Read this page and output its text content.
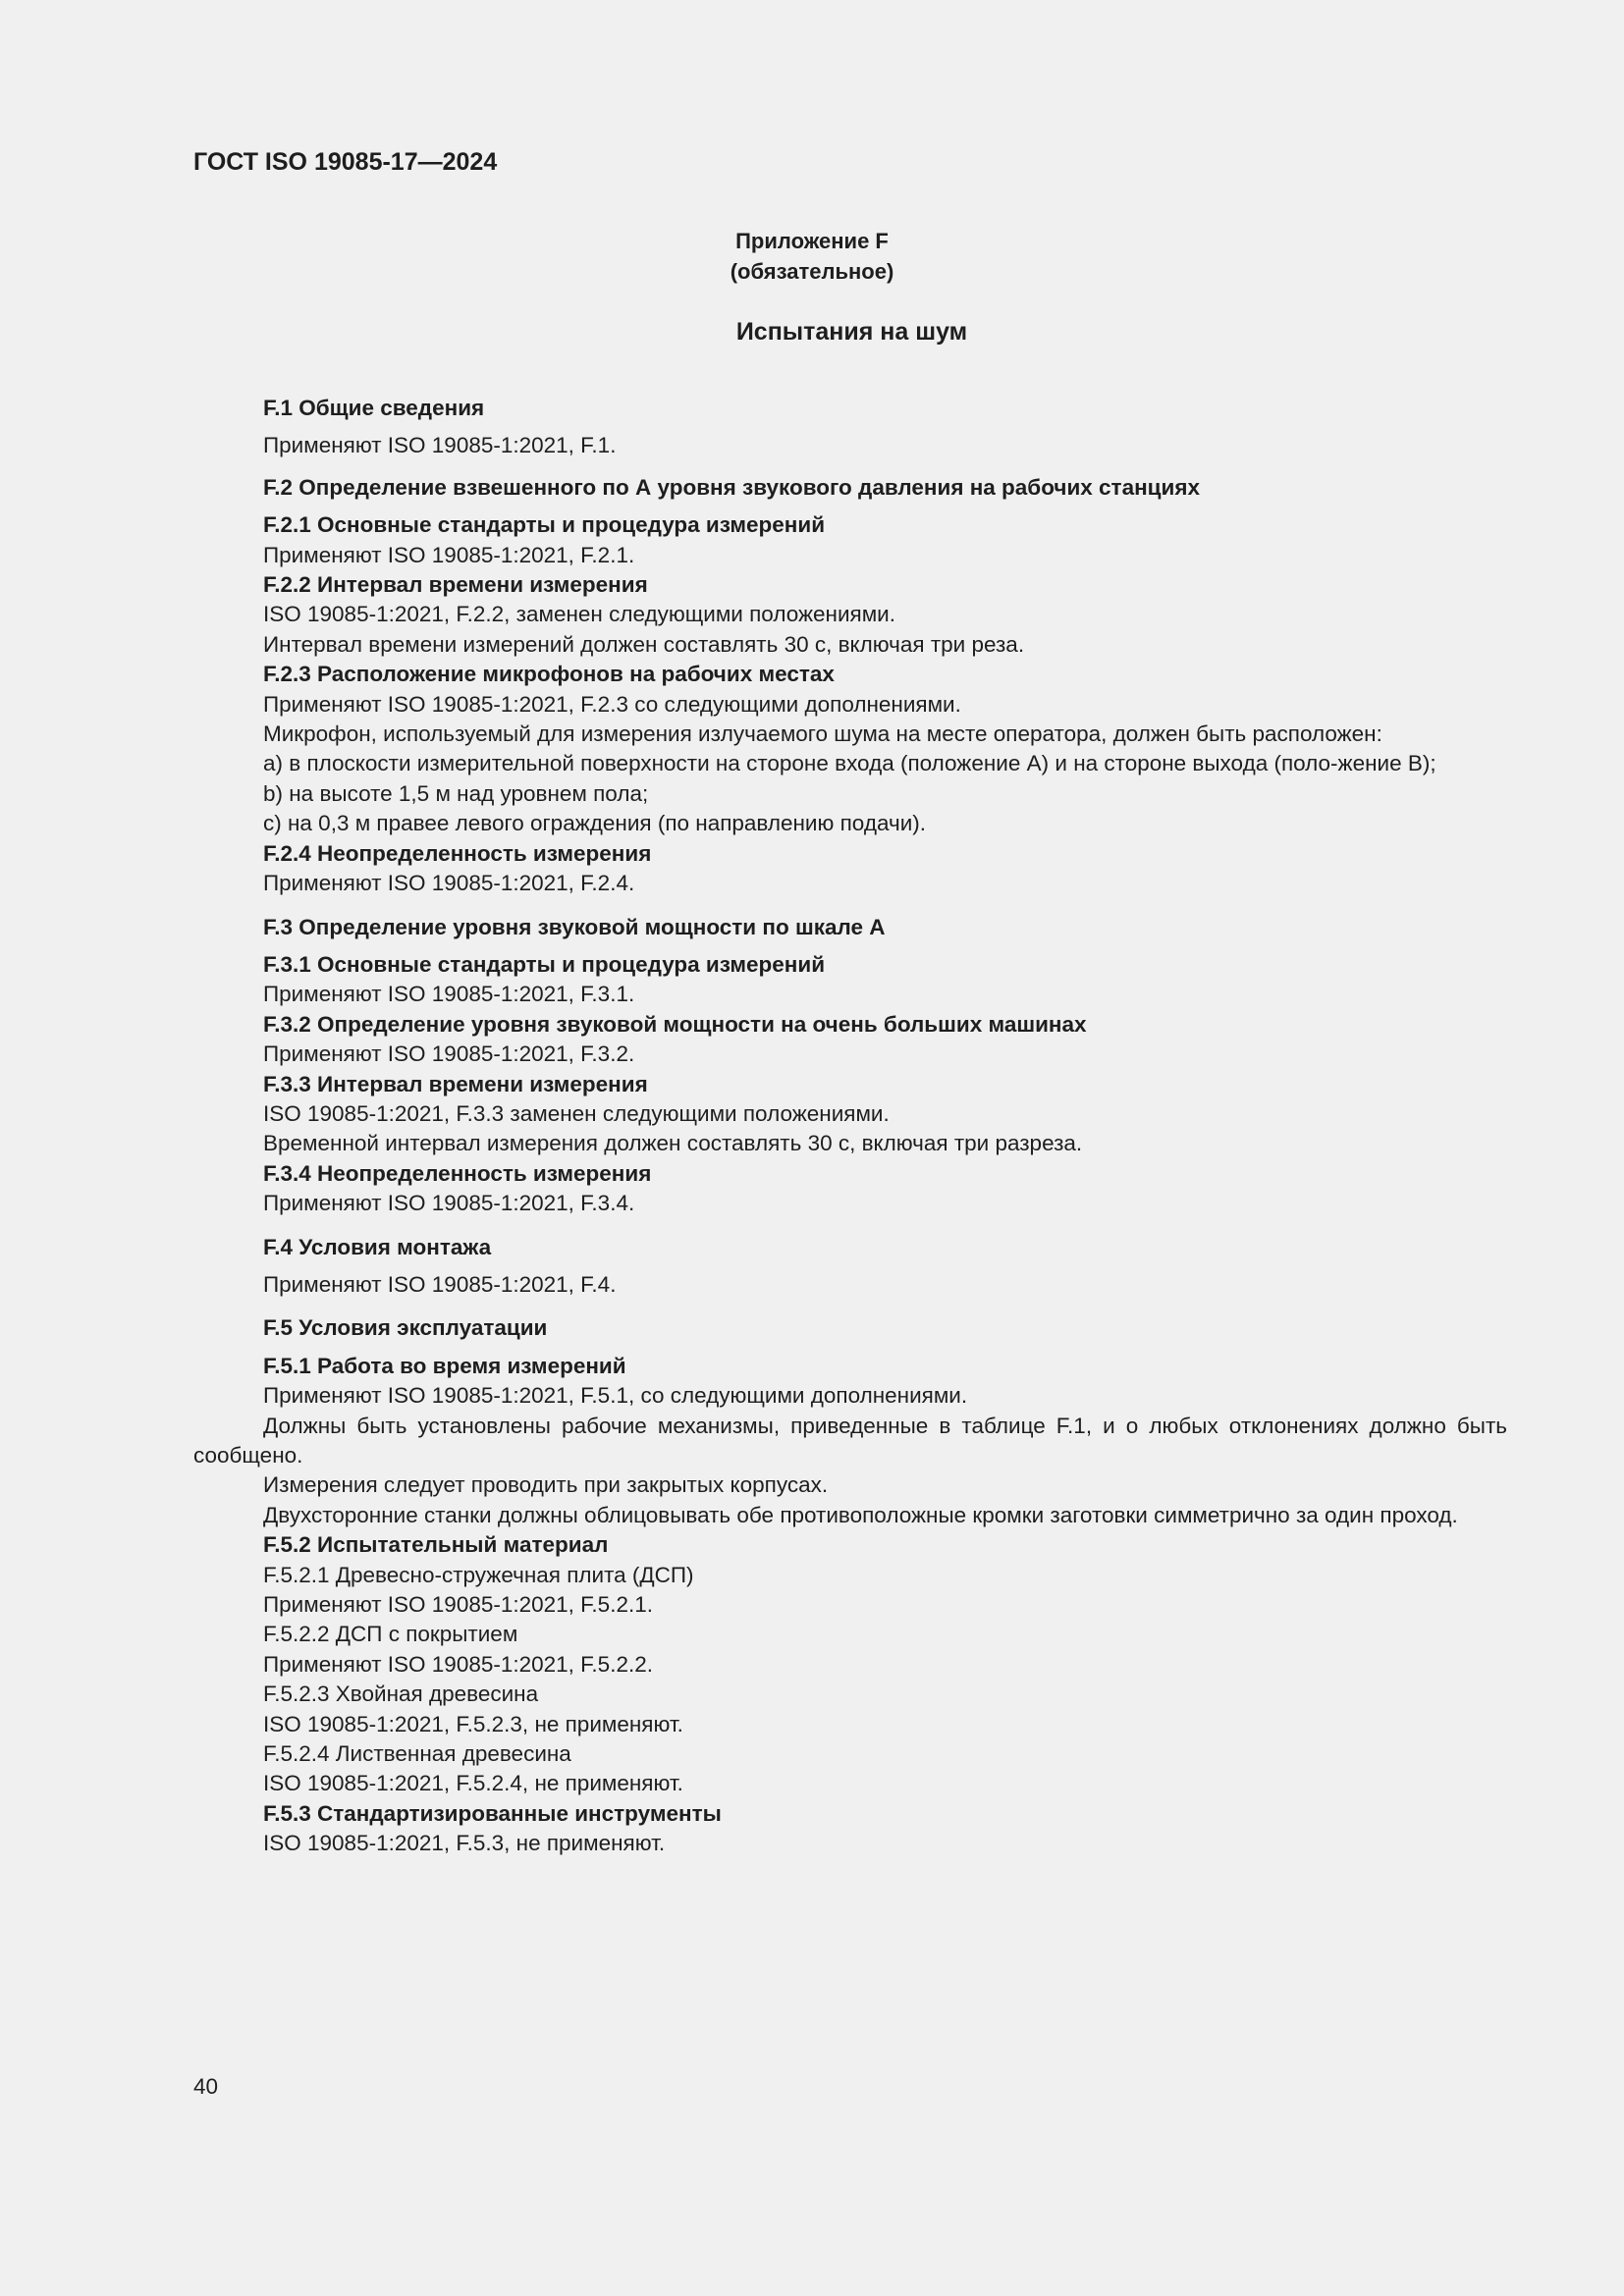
ГОСТ ISO 19085-17—2024

Приложение F
(обязательное)

Испытания на шум

F.1 Общие сведения

Применяют ISO 19085-1:2021, F.1.

F.2 Определение взвешенного по А уровня звукового давления на рабочих станциях

F.2.1 Основные стандарты и процедура измерений

Применяют ISO 19085-1:2021, F.2.1.

F.2.2 Интервал времени измерения

ISO 19085-1:2021, F.2.2, заменен следующими положениями.

Интервал времени измерений должен составлять 30 с, включая три реза.

F.2.3 Расположение микрофонов на рабочих местах

Применяют ISO 19085-1:2021, F.2.3 со следующими дополнениями.

Микрофон, используемый для измерения излучаемого шума на месте оператора, должен быть расположен:

a) в плоскости измерительной поверхности на стороне входа (положение A) и на стороне выхода (поло-жение B);

b) на высоте 1,5 м над уровнем пола;

c) на 0,3 м правее левого ограждения (по направлению подачи).

F.2.4 Неопределенность измерения

Применяют ISO 19085-1:2021, F.2.4.

F.3 Определение уровня звуковой мощности по шкале А

F.3.1 Основные стандарты и процедура измерений

Применяют ISO 19085-1:2021, F.3.1.

F.3.2 Определение уровня звуковой мощности на очень больших машинах

Применяют ISO 19085-1:2021, F.3.2.

F.3.3 Интервал времени измерения

ISO 19085-1:2021, F.3.3 заменен следующими положениями.

Временной интервал измерения должен составлять 30 с, включая три разреза.

F.3.4 Неопределенность измерения

Применяют ISO 19085-1:2021, F.3.4.

F.4 Условия монтажа

Применяют ISO 19085-1:2021, F.4.

F.5 Условия эксплуатации

F.5.1 Работа во время измерений

Применяют ISO 19085-1:2021, F.5.1, со следующими дополнениями.

Должны быть установлены рабочие механизмы, приведенные в таблице F.1, и о любых отклонениях должно быть сообщено.

Измерения следует проводить при закрытых корпусах.

Двухсторонние станки должны облицовывать обе противоположные кромки заготовки симметрично за один проход.

F.5.2 Испытательный материал

F.5.2.1 Древесно-стружечная плита (ДСП)

Применяют ISO 19085-1:2021, F.5.2.1.

F.5.2.2 ДСП с покрытием

Применяют ISO 19085-1:2021, F.5.2.2.

F.5.2.3 Хвойная древесина

ISO 19085-1:2021, F.5.2.3, не применяют.

F.5.2.4 Лиственная древесина

ISO 19085-1:2021, F.5.2.4, не применяют.

F.5.3 Стандартизированные инструменты

ISO 19085-1:2021, F.5.3, не применяют.

40
